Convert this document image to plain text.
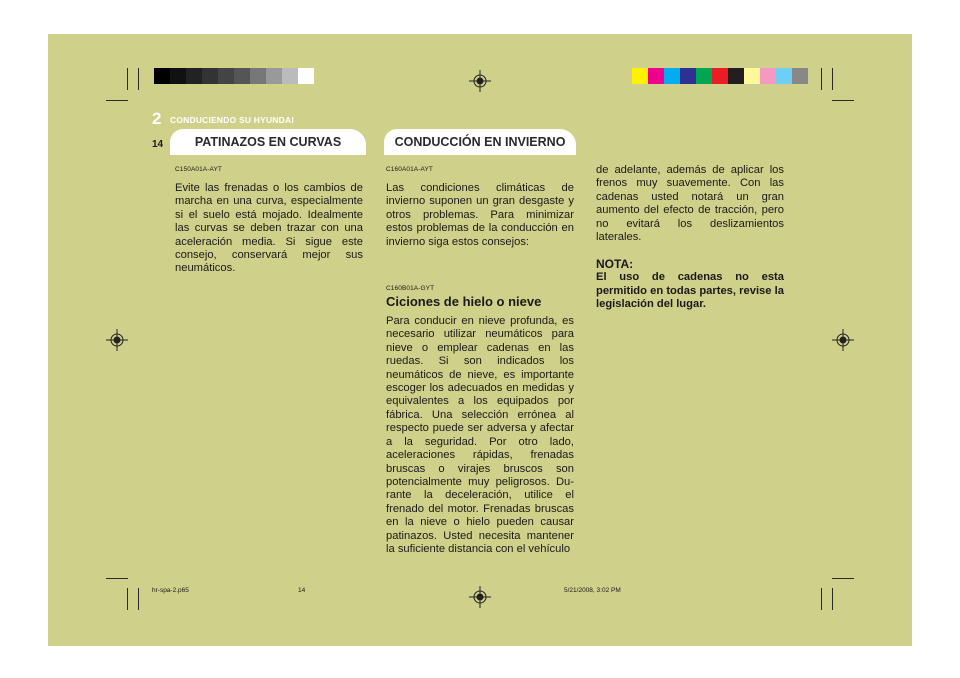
2 CONDUCIENDO SU HYUNDAI
14	PATINAZOS EN CURVAS	CONDUCCIÓN EN INVIERNO
C150A01A-AYT
Evite las frenadas o los cambios de marcha en una curva, especialmente si el suelo está mojado. Idealmente las curvas se deben trazar con una aceleración media. Si sigue este consejo, conservará mejor sus neumáticos.
C160A01A-AYT
Las condiciones climáticas de invierno suponen un gran desgaste y otros problemas. Para minimizar estos problemas de la conducción en invierno siga estos consejos:
C160B01A-GYT
Ciciones de hielo o nieve
Para conducir en nieve profunda, es necesario utilizar neumáticos para nieve o emplear cadenas en las ruedas. Si son indicados los neumáticos de nieve, es importante escoger los adecuados en medidas y equivalentes a los equipados por fábrica. Una selección errónea al respecto puede ser adversa y afectar a la seguridad. Por otro lado, aceleraciones rápidas, frenadas bruscas o virajes bruscos son potencialmente muy peligrosos. Du-rante la deceleración, utilice el frenado del motor. Frenadas bruscas en la nieve o hielo pueden causar patinazos. Usted necesita mantener la suficiente distancia con el vehículo
de adelante, además de aplicar los frenos muy suavemente. Con las cadenas usted notará un gran aumento del efecto de tracción, pero no evitará los deslizamientos laterales.
NOTA:
El uso de cadenas no esta permitido en todas partes, revise la legislación del lugar.
hr-spa-2.p65	14	5/21/2008, 3:02 PM
